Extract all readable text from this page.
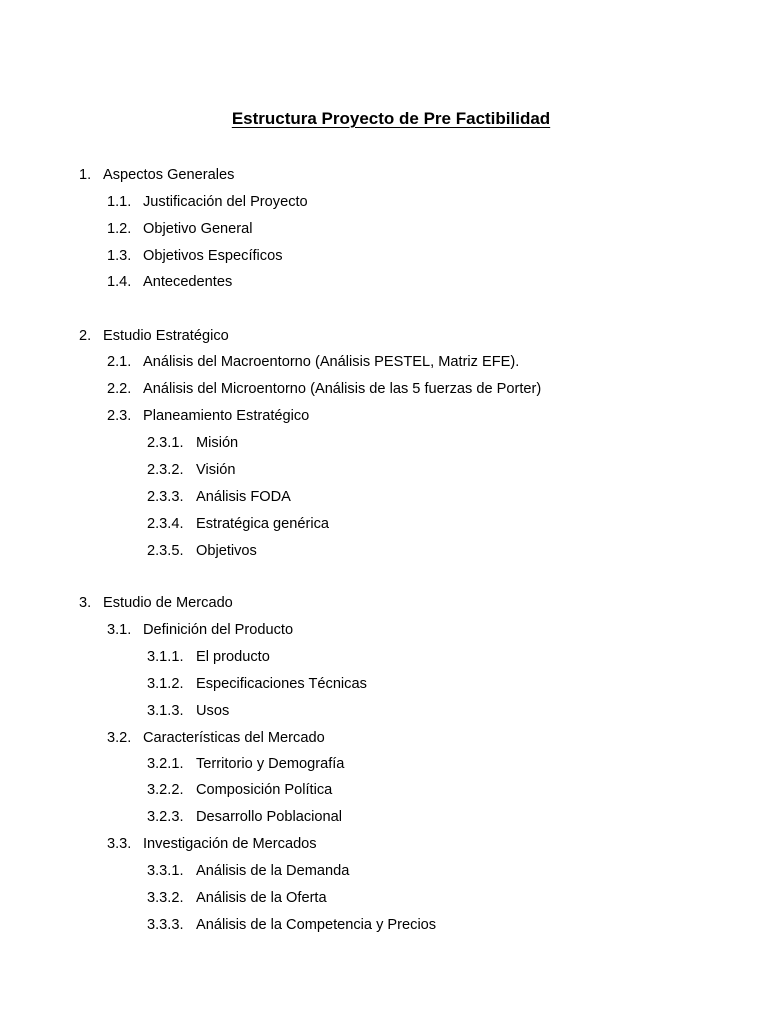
Estructura Proyecto de Pre Factibilidad
1. Aspectos Generales
1.1. Justificación del Proyecto
1.2. Objetivo General
1.3. Objetivos Específicos
1.4. Antecedentes
2. Estudio Estratégico
2.1. Análisis del Macroentorno (Análisis PESTEL, Matriz EFE).
2.2. Análisis del Microentorno (Análisis de las 5 fuerzas de Porter)
2.3. Planeamiento Estratégico
2.3.1. Misión
2.3.2. Visión
2.3.3. Análisis FODA
2.3.4. Estratégica genérica
2.3.5. Objetivos
3. Estudio de Mercado
3.1. Definición del Producto
3.1.1. El producto
3.1.2. Especificaciones Técnicas
3.1.3. Usos
3.2. Características del Mercado
3.2.1. Territorio y Demografía
3.2.2. Composición Política
3.2.3. Desarrollo Poblacional
3.3. Investigación de Mercados
3.3.1. Análisis de la Demanda
3.3.2. Análisis de la Oferta
3.3.3. Análisis de la Competencia y Precios
